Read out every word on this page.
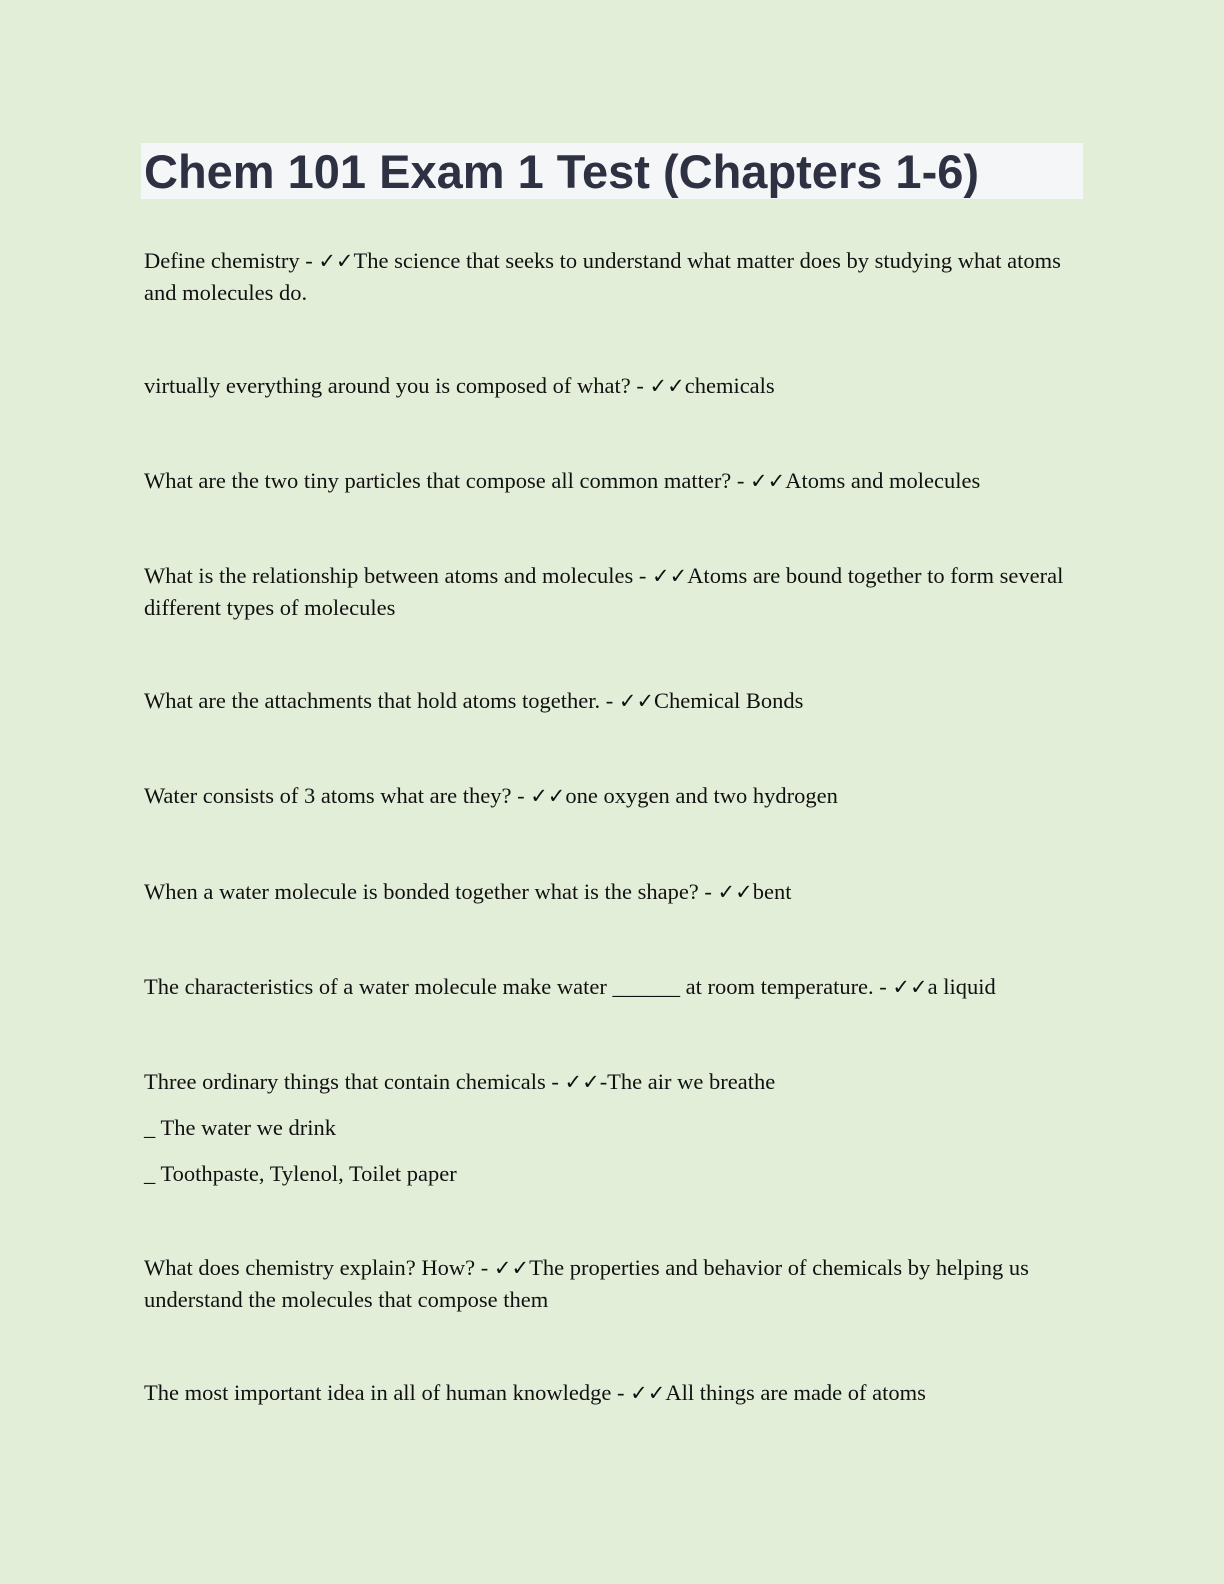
Chem 101 Exam 1 Test (Chapters 1-6)

Define chemistry - ✓✓The science that seeks to understand what matter does by studying what atoms and molecules do.

virtually everything around you is composed of what? - ✓✓chemicals

What are the two tiny particles that compose all common matter? - ✓✓Atoms and molecules

What is the relationship between atoms and molecules - ✓✓Atoms are bound together to form several different types of molecules

What are the attachments that hold atoms together. - ✓✓Chemical Bonds

Water consists of 3 atoms what are they? - ✓✓one oxygen and two hydrogen

When a water molecule is bonded together what is the shape? - ✓✓bent

The characteristics of a water molecule make water ______ at room temperature. - ✓✓a liquid

Three ordinary things that contain chemicals - ✓✓-The air we breathe

_ The water we drink

_ Toothpaste, Tylenol, Toilet paper

What does chemistry explain? How? - ✓✓The properties and behavior of chemicals by helping us understand the molecules that compose them

The most important idea in all of human knowledge - ✓✓All things are made of atoms
